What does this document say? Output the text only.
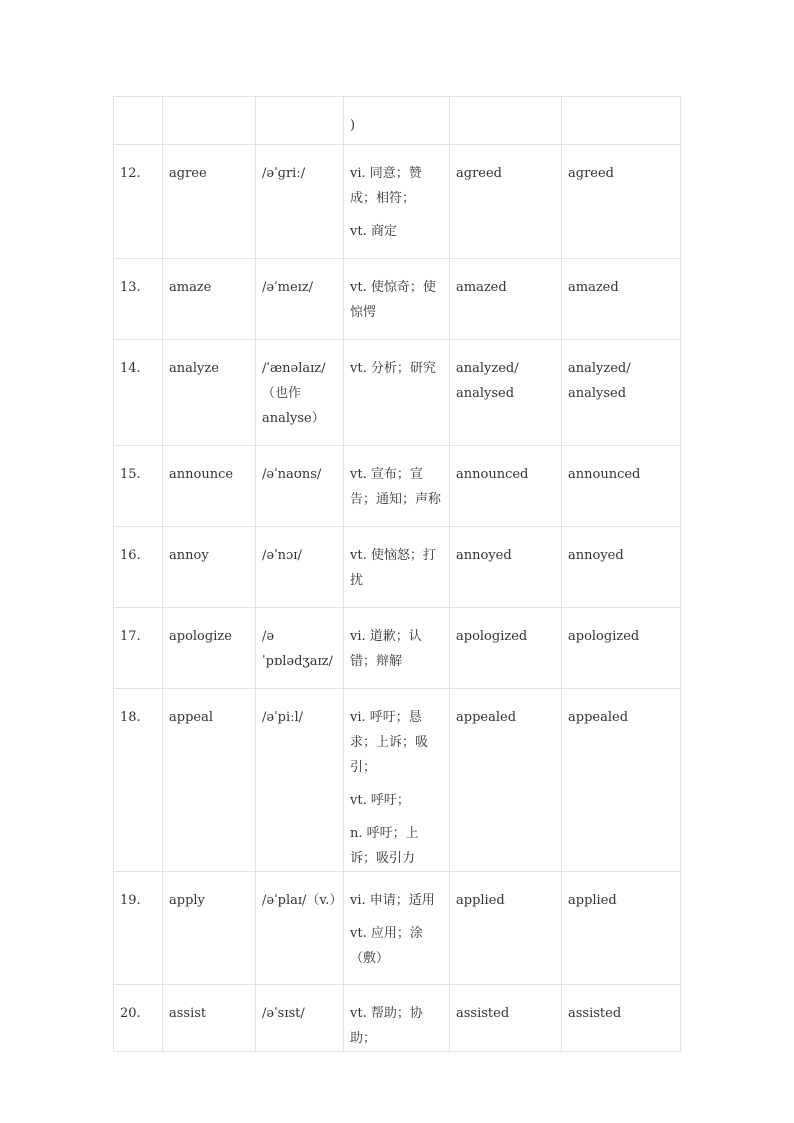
			)		

12.	agree	/əˈɡriː/	vi. 同意；赞成；相符；
vt. 商定	agreed	agreed
13.	amaze	/əˈmeɪz/	vt. 使惊奇；使惊愕	amazed	amazed
14.	analyze	/ˈænəlaɪz/（也作analyse）	vt. 分析；研究	analyzed/ analysed	analyzed/ analysed
15.	announce	/əˈnaʊns/	vt. 宣布；宣告；通知；声称	announced	announced
16.	annoy	/əˈnɔɪ/	vt. 使恼怒；打扰	annoyed	annoyed
17.	apologize	/əˈpɒlədʒaɪz/	vi. 道歉；认错；辩解	apologized	apologized
18.	appeal	/əˈpiːl/	vi. 呼吁；恳求；上诉；吸引；
vt. 呼吁；
n. 呼吁；上诉；吸引力	appealed	appealed
19.	apply	/əˈplaɪ/（v.）	vi. 申请；适用
vt. 应用；涂（敷）	applied	applied
20.	assist	/əˈsɪst/	vt. 帮助；协助；	assisted	assisted
